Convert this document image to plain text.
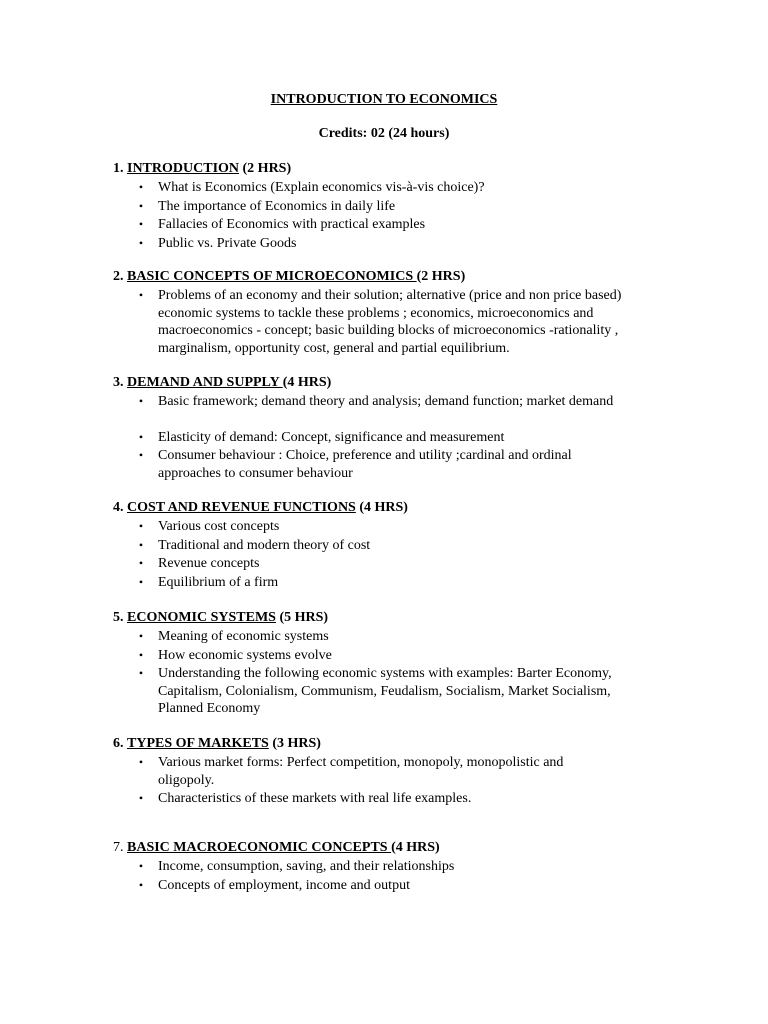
INTRODUCTION TO ECONOMICS
Credits: 02 (24 hours)
1. INTRODUCTION (2 HRS)
• What is Economics (Explain economics vis-à-vis choice)?
• The importance of Economics in daily life
• Fallacies of Economics with practical examples
• Public vs. Private Goods
2. BASIC CONCEPTS OF MICROECONOMICS (2 HRS)
• Problems of an economy and their solution; alternative (price and non price based) economic systems to tackle these problems ; economics, microeconomics and macroeconomics - concept; basic building blocks of microeconomics -rationality , marginalism, opportunity cost, general and partial equilibrium.
3. DEMAND AND SUPPLY (4 HRS)
• Basic framework; demand theory and analysis; demand function; market demand
• Elasticity of demand: Concept, significance and measurement
• Consumer behaviour : Choice, preference and utility ;cardinal and ordinal approaches to consumer behaviour
4. COST AND REVENUE FUNCTIONS (4 HRS)
• Various cost concepts
• Traditional and modern theory of cost
• Revenue concepts
• Equilibrium of a firm
5. ECONOMIC SYSTEMS (5 HRS)
• Meaning of economic systems
• How economic systems evolve
• Understanding the following economic systems with examples: Barter Economy, Capitalism, Colonialism, Communism, Feudalism, Socialism, Market Socialism, Planned Economy
6. TYPES OF MARKETS (3 HRS)
• Various market forms: Perfect competition, monopoly, monopolistic and oligopoly.
• Characteristics of these markets with real life examples.
7. BASIC MACROECONOMIC CONCEPTS (4 HRS)
• Income, consumption, saving, and their relationships
• Concepts of employment, income and output
